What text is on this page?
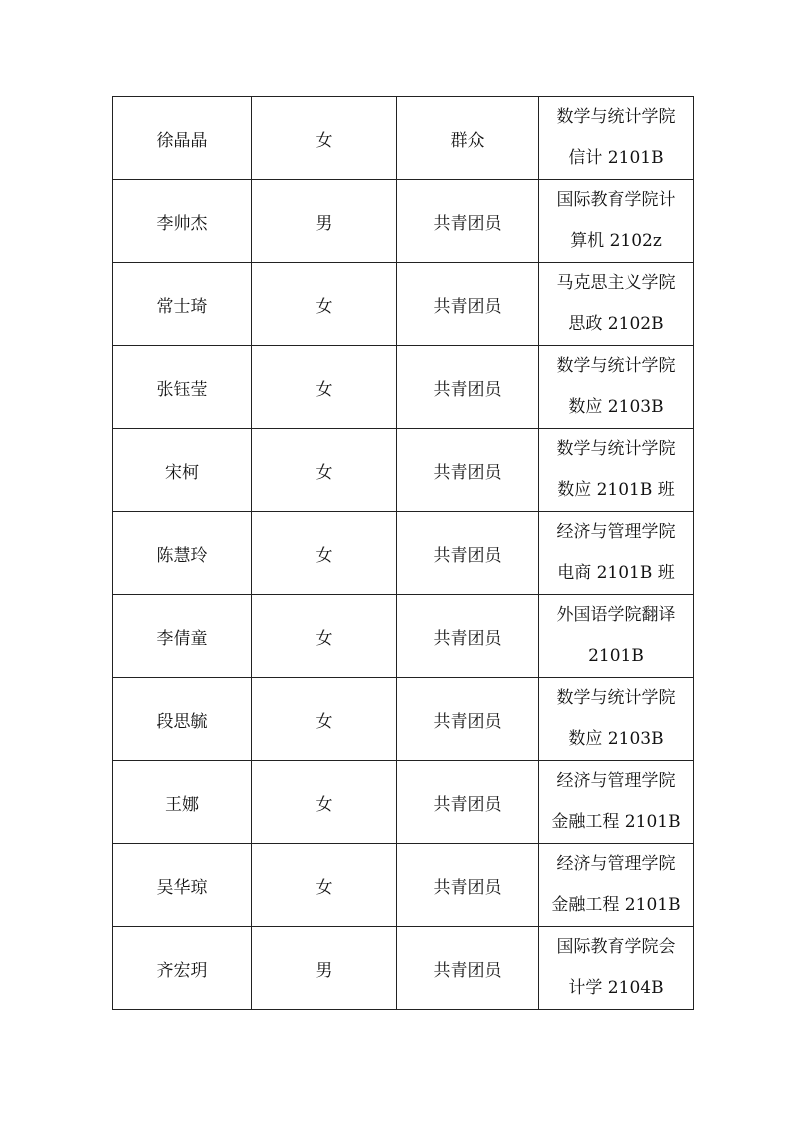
徐晶晶	女	群众	数学与统计学院
信计 2101B

李帅杰	男	共青团员	国际教育学院计
算机 2102z

常士琦	女	共青团员	马克思主义学院
思政 2102B

张钰莹	女	共青团员	数学与统计学院
数应 2103B

宋柯	女	共青团员	数学与统计学院
数应 2101B 班

陈慧玲	女	共青团员	经济与管理学院
电商 2101B 班

李倩童	女	共青团员	外国语学院翻译
2101B

段思毓	女	共青团员	数学与统计学院
数应 2103B

王娜	女	共青团员	经济与管理学院
金融工程 2101B

吴华琼	女	共青团员	经济与管理学院
金融工程 2101B

齐宏玥	男	共青团员	国际教育学院会
计学 2104B
